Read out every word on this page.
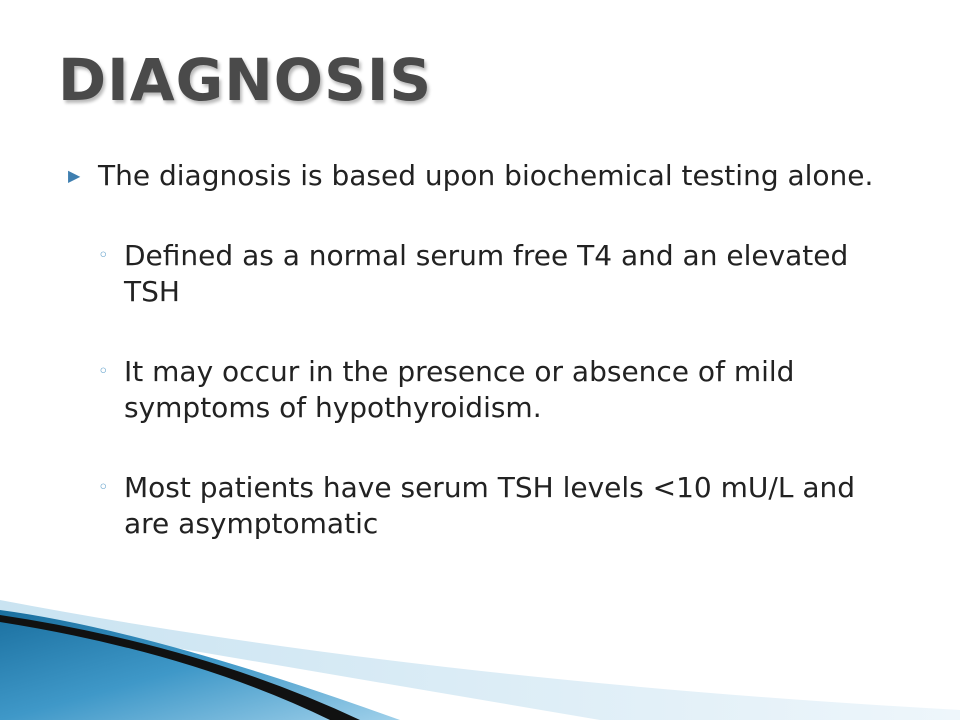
DIAGNOSIS
▶ The diagnosis is based upon biochemical testing alone.
◦ Defined as a normal serum free T4 and an elevated TSH
◦ It may occur in the presence or absence of mild symptoms of hypothyroidism.
◦ Most patients have serum TSH levels <10 mU/L and are asymptomatic
